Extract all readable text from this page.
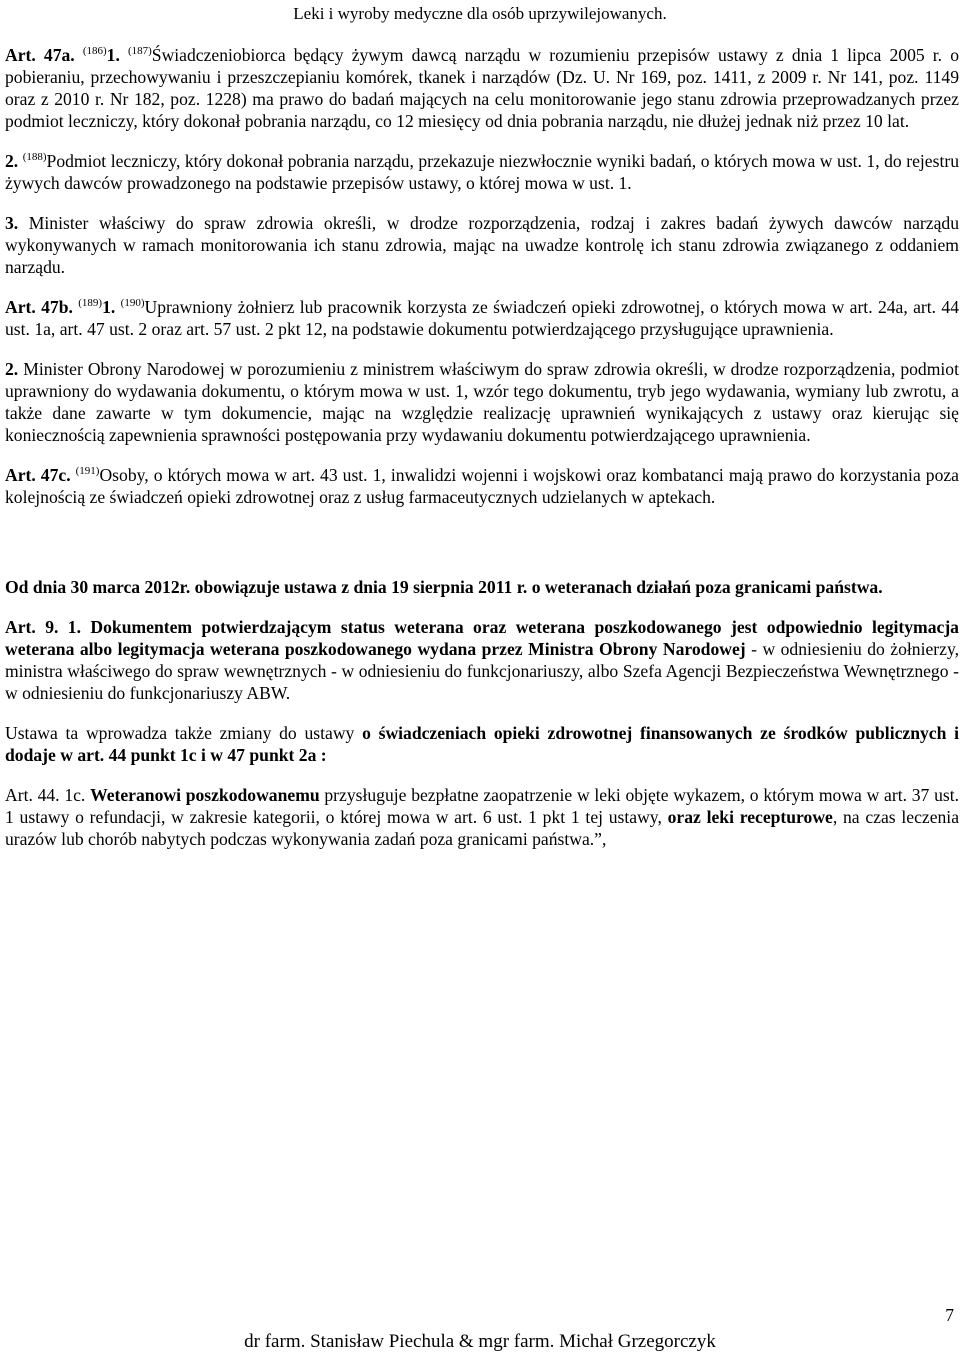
Leki i wyroby medyczne dla osób uprzywilejowanych.

Art. 47a. $^{(186)}$1. $^{(187)}$Świadczeniobiorca będący żywym dawcą narządu w rozumieniu przepisów ustawy z dnia 1 lipca 2005 r. o pobieraniu, przechowywaniu i przeszczepianiu komórek, tkanek i narządów (Dz. U. Nr 169, poz. 1411, z 2009 r. Nr 141, poz. 1149 oraz z 2010 r. Nr 182, poz. 1228) ma prawo do badań mających na celu monitorowanie jego stanu zdrowia przeprowadzanych przez podmiot leczniczy, który dokonał pobrania narządu, co 12 miesięcy od dnia pobrania narządu, nie dłużej jednak niż przez 10 lat.

2. $^{(188)}$Podmiot leczniczy, który dokonał pobrania narządu, przekazuje niezwłocznie wyniki badań, o których mowa w ust. 1, do rejestru żywych dawców prowadzonego na podstawie przepisów ustawy, o której mowa w ust. 1.

3. Minister właściwy do spraw zdrowia określi, w drodze rozporządzenia, rodzaj i zakres badań żywych dawców narządu wykonywanych w ramach monitorowania ich stanu zdrowia, mając na uwadze kontrolę ich stanu zdrowia związanego z oddaniem narządu.

Art. 47b. $^{(189)}$1. $^{(190)}$Uprawniony żołnierz lub pracownik korzysta ze świadczeń opieki zdrowotnej, o których mowa w art. 24a, art. 44 ust. 1a, art. 47 ust. 2 oraz art. 57 ust. 2 pkt 12, na podstawie dokumentu potwierdzającego przysługujące uprawnienia.

2. Minister Obrony Narodowej w porozumieniu z ministrem właściwym do spraw zdrowia określi, w drodze rozporządzenia, podmiot uprawniony do wydawania dokumentu, o którym mowa w ust. 1, wzór tego dokumentu, tryb jego wydawania, wymiany lub zwrotu, a także dane zawarte w tym dokumencie, mając na względzie realizację uprawnień wynikających z ustawy oraz kierując się koniecznością zapewnienia sprawności postępowania przy wydawaniu dokumentu potwierdzającego uprawnienia.

Art. 47c. $^{(191)}$Osoby, o których mowa w art. 43 ust. 1, inwalidzi wojenni i wojskowi oraz kombatanci mają prawo do korzystania poza kolejnością ze świadczeń opieki zdrowotnej oraz z usług farmaceutycznych udzielanych w aptekach.

Od dnia 30 marca 2012r. obowiązuje ustawa z dnia 19 sierpnia 2011 r. o weteranach działań poza granicami państwa.

Art. 9. 1. Dokumentem potwierdzającym status weterana oraz weterana poszkodowanego jest odpowiednio legitymacja weterana albo legitymacja weterana poszkodowanego wydana przez Ministra Obrony Narodowej - w odniesieniu do żołnierzy, ministra właściwego do spraw wewnętrznych - w odniesieniu do funkcjonariuszy, albo Szefa Agencji Bezpieczeństwa Wewnętrznego - w odniesieniu do funkcjonariuszy ABW.

Ustawa ta wprowadza także zmiany do ustawy o świadczeniach opieki zdrowotnej finansowanych ze środków publicznych i dodaje w art. 44 punkt 1c i w 47 punkt 2a :

Art. 44. 1c. Weteranowi poszkodowanemu przysługuje bezpłatne zaopatrzenie w leki objęte wykazem, o którym mowa w art. 37 ust. 1 ustawy o refundacji, w zakresie kategorii, o której mowa w art. 6 ust. 1 pkt 1 tej ustawy, oraz leki recepturowe, na czas leczenia urazów lub chorób nabytych podczas wykonywania zadań poza granicami państwa.”,

7
dr farm. Stanisław Piechula & mgr farm. Michał Grzegorczyk
